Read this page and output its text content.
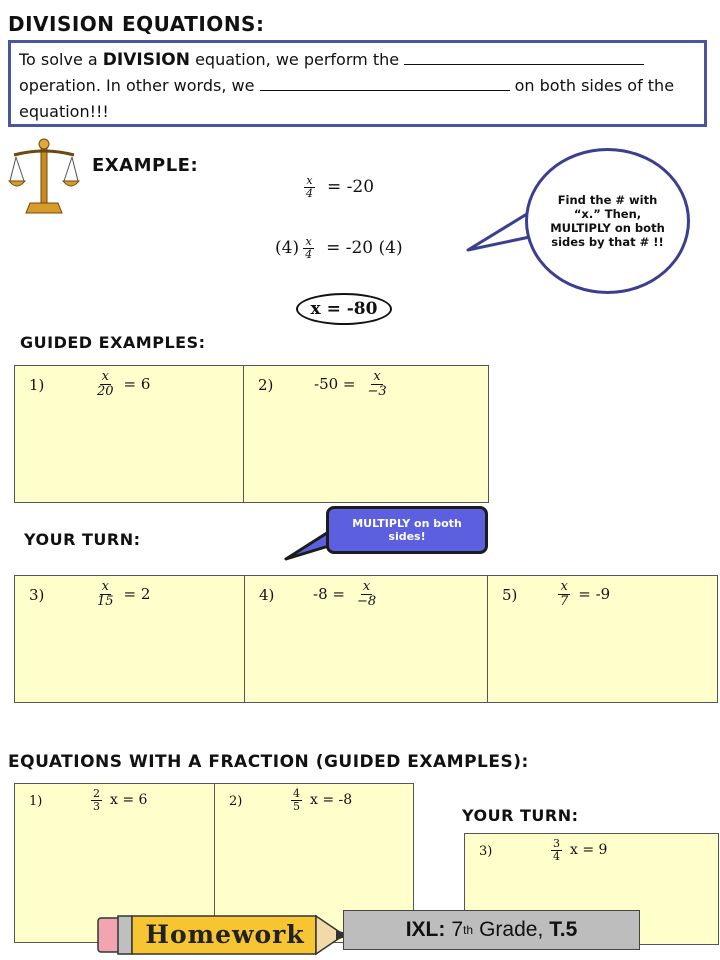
DIVISION EQUATIONS:
To solve a DIVISION equation, we perform the  operation. In other words, we	on both sides of the equation!!!
EXAMPLE:
$\frac{x}{4} = -20$
$(4) \frac{x}{4} = -20$ (4)
x = -80
Find the # with “x.” Then, MULTIPLY on both sides by that # !!
GUIDED EXAMPLES:
1)	$\frac{x}{20} = 6$	2)	$-50 = \frac{x}{-3}$
YOUR TURN:
MULTIPLY on both sides!
3)	$\frac{x}{15} = 2$	4)	$-8 = \frac{x}{-8}$	5)	$\frac{x}{7} = -9$
EQUATIONS WITH A FRACTION (GUIDED EXAMPLES):
1)	$\frac{2}{3}$ x = 6	2)	$\frac{4}{5}$ x = -8
YOUR TURN:
3)	$\frac{3}{4}$ x = 9
Homework	IXL: 7 th Grade, T.5
